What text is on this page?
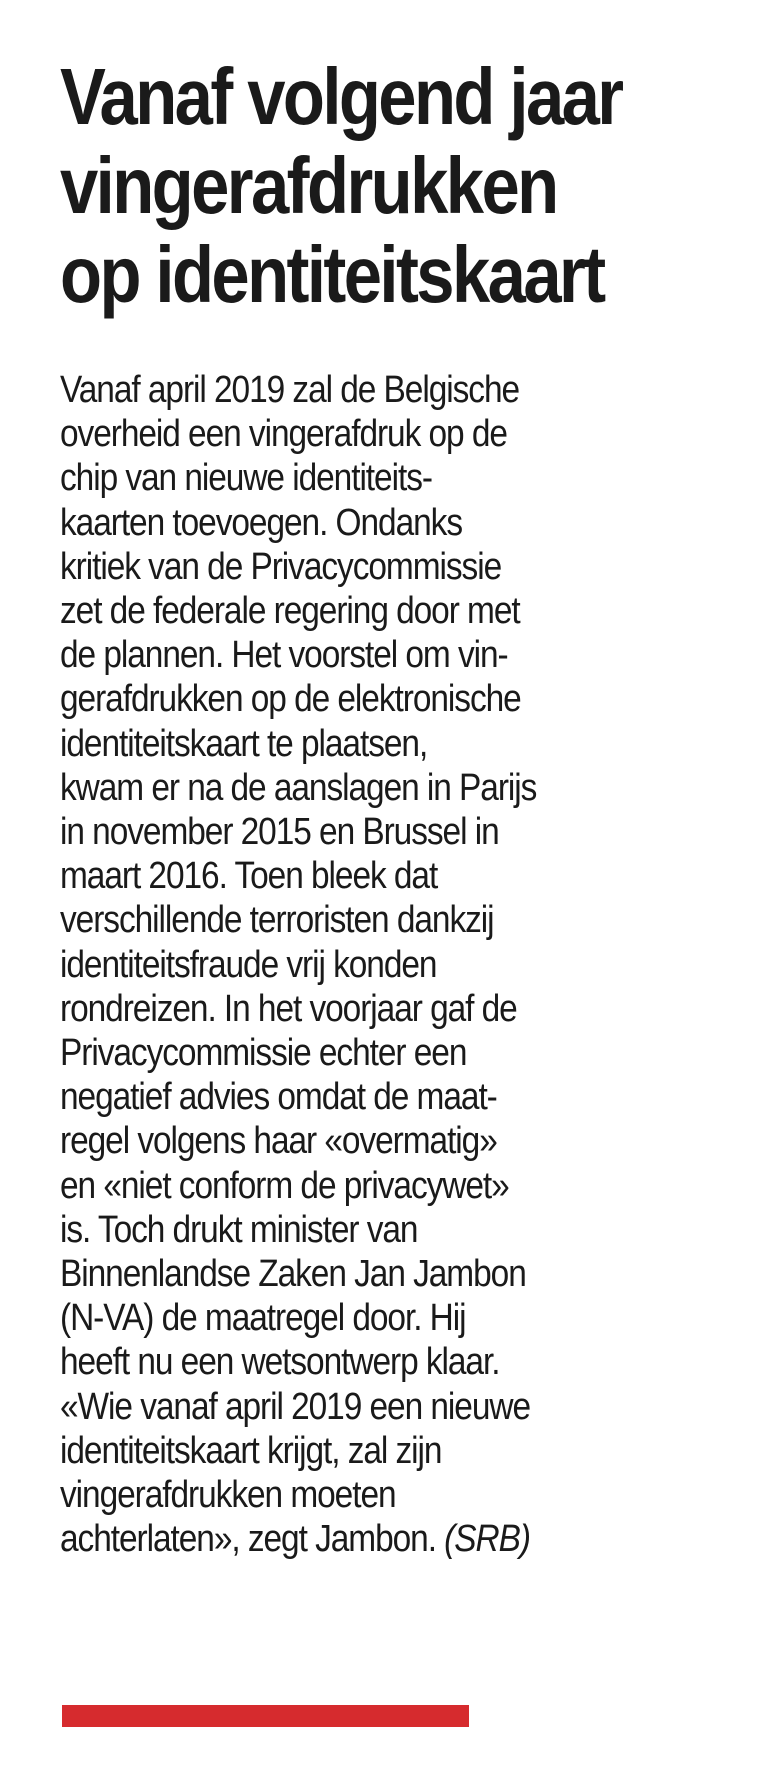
Vanaf volgend jaar
vingerafdrukken
op identiteitskaart
Vanaf april 2019 zal de Belgische
overheid een vingerafdruk op de
chip van nieuwe identiteits-
kaarten toevoegen. Ondanks
kritiek van de Privacycommissie
zet de federale regering door met
de plannen. Het voorstel om vin-
gerafdrukken op de elektronische
identiteitskaart te plaatsen,
kwam er na de aanslagen in Parijs
in november 2015 en Brussel in
maart 2016. Toen bleek dat
verschillende terroristen dankzij
identiteitsfraude vrij konden
rondreizen. In het voorjaar gaf de
Privacycommissie echter een
negatief advies omdat de maat-
regel volgens haar «overmatig»
en «niet conform de privacywet»
is. Toch drukt minister van
Binnenlandse Zaken Jan Jambon
(N-VA) de maatregel door. Hij
heeft nu een wetsontwerp klaar.
«Wie vanaf april 2019 een nieuwe
identiteitskaart krijgt, zal zijn
vingerafdrukken moeten
achterlaten», zegt Jambon. (SRB)
